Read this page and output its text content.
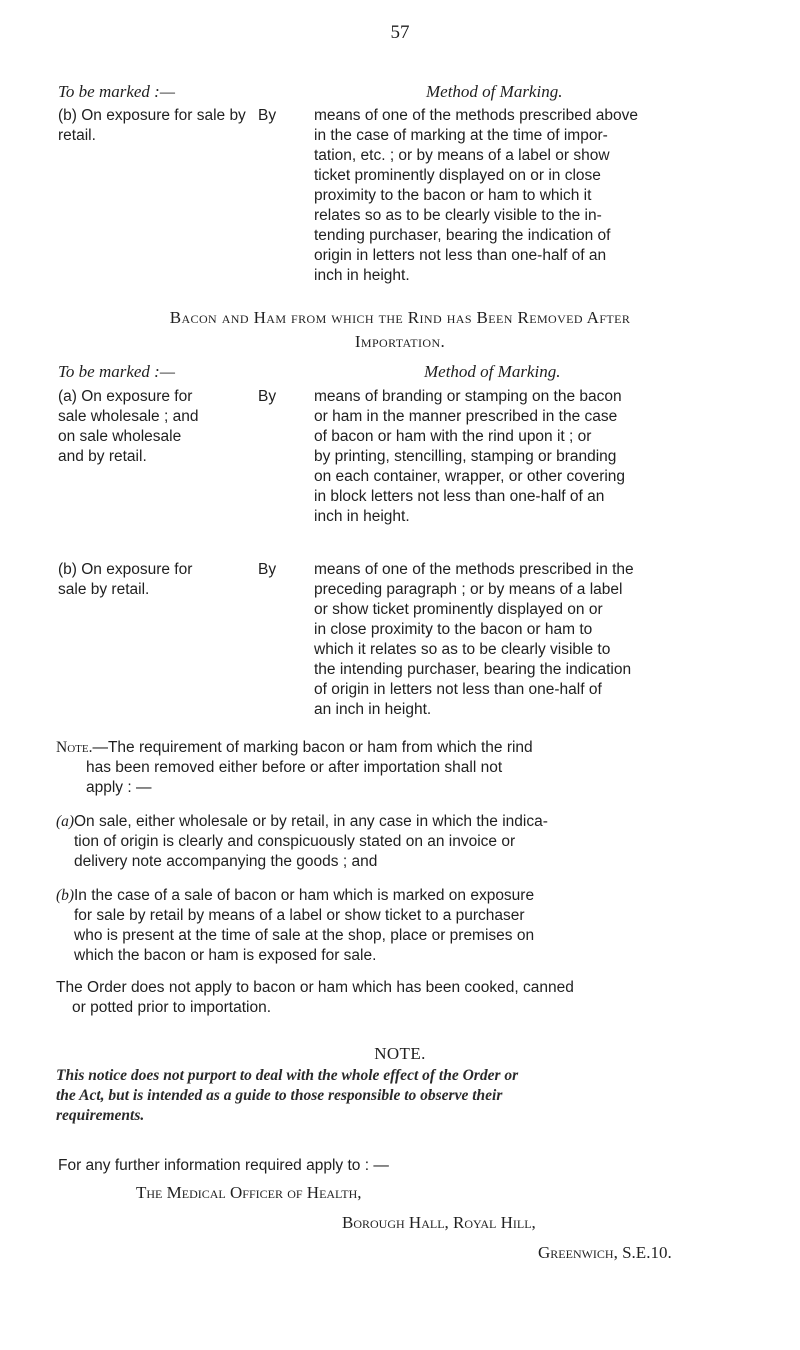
57
To be marked :—	Method of Marking.
(b) On exposure for sale by retail.
By means of one of the methods prescribed above
in the case of marking at the time of impor-
tation, etc. ; or by means of a label or show
ticket prominently displayed on or in close
proximity to the bacon or ham to which it
relates so as to be clearly visible to the in-
tending purchaser, bearing the indication of
origin in letters not less than one-half of an
inch in height.
Bacon and Ham from which the Rind has Been Removed After
Importation.
To be marked :—	Method of Marking.
(a) On exposure for
sale wholesale ; and
on sale wholesale
and by retail.
By means of branding or stamping on the bacon
or ham in the manner prescribed in the case
of bacon or ham with the rind upon it ; or
by printing, stencilling, stamping or branding
on each container, wrapper, or other covering
in block letters not less than one-half of an
inch in height.
(b) On exposure for
sale by retail.
By means of one of the methods prescribed in the
preceding paragraph ; or by means of a label
or show ticket prominently displayed on or
in close proximity to the bacon or ham to
which it relates so as to be clearly visible to
the intending purchaser, bearing the indication
of origin in letters not less than one-half of
an inch in height.
Note.—The requirement of marking bacon or ham from which the rind
has been removed either before or after importation shall not
apply : —
(a) On sale, either wholesale or by retail, in any case in which the indica-
tion of origin is clearly and conspicuously stated on an invoice or
delivery note accompanying the goods ; and
(b) In the case of a sale of bacon or ham which is marked on exposure
for sale by retail by means of a label or show ticket to a purchaser
who is present at the time of sale at the shop, place or premises on
which the bacon or ham is exposed for sale.
The Order does not apply to bacon or ham which has been cooked, canned
or potted prior to importation.
NOTE.
This notice does not purport to deal with the whole effect of the Order or
the Act, but is intended as a guide to those responsible to observe their
requirements.
For any further information required apply to : —
The Medical Officer of Health,
Borough Hall, Royal Hill,
Greenwich, S.E.10.
